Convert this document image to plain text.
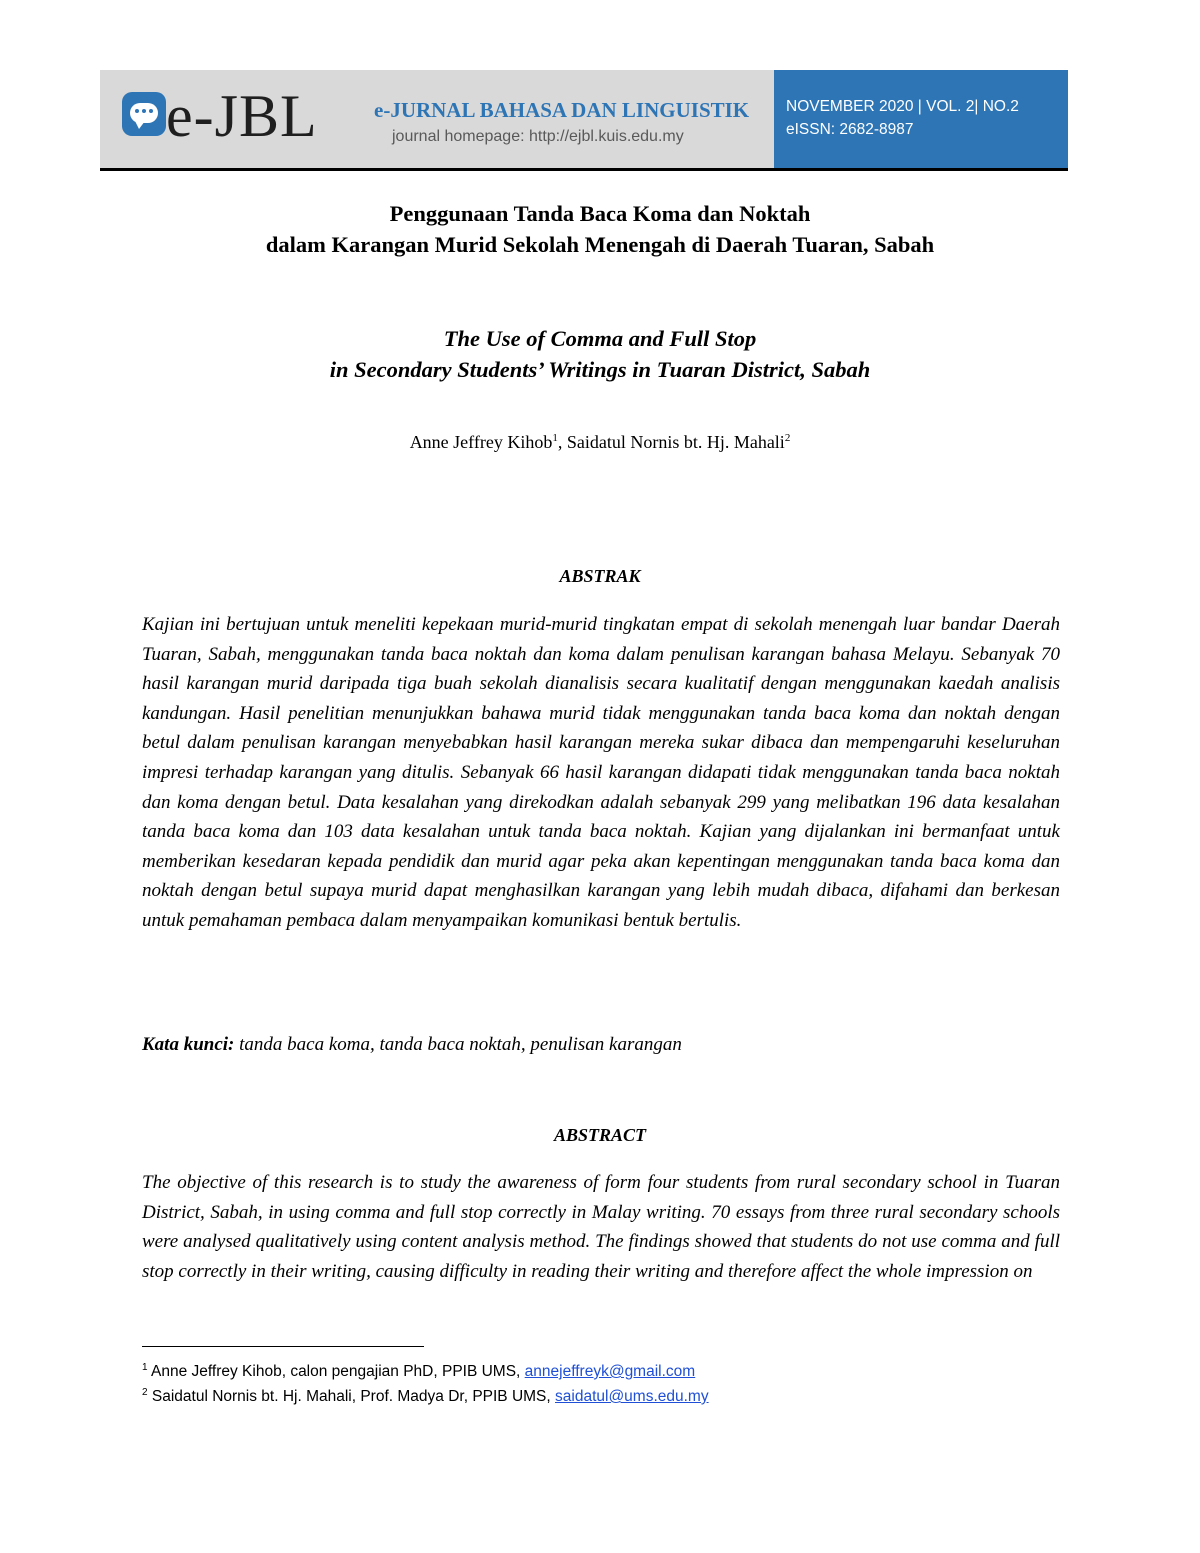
e-JBL	e-JURNAL BAHASA DAN LINGUISTIK
journal homepage: http://ejbl.kuis.edu.my
NOVEMBER 2020 | VOL. 2| NO.2
eISSN: 2682-8987
Penggunaan Tanda Baca Koma dan Noktah
dalam Karangan Murid Sekolah Menengah di Daerah Tuaran, Sabah
The Use of Comma and Full Stop
in Secondary Students’ Writings in Tuaran District, Sabah
Anne Jeffrey Kihob$^1$, Saidatul Nornis bt. Hj. Mahali$^2$
ABSTRAK
Kajian ini bertujuan untuk meneliti kepekaan murid-murid tingkatan empat di sekolah menengah luar bandar Daerah Tuaran, Sabah, menggunakan tanda baca noktah dan koma dalam penulisan karangan bahasa Melayu. Sebanyak 70 hasil karangan murid daripada tiga buah sekolah dianalisis secara kualitatif dengan menggunakan kaedah analisis kandungan. Hasil penelitian menunjukkan bahawa murid tidak menggunakan tanda baca koma dan noktah dengan betul dalam penulisan karangan menyebabkan hasil karangan mereka sukar dibaca dan mempengaruhi keseluruhan impresi terhadap karangan yang ditulis. Sebanyak 66 hasil karangan didapati tidak menggunakan tanda baca noktah dan koma dengan betul. Data kesalahan yang direkodkan adalah sebanyak 299 yang melibatkan 196 data kesalahan tanda baca koma dan 103 data kesalahan untuk tanda baca noktah. Kajian yang dijalankan ini bermanfaat untuk memberikan kesedaran kepada pendidik dan murid agar peka akan kepentingan menggunakan tanda baca koma dan noktah dengan betul supaya murid dapat menghasilkan karangan yang lebih mudah dibaca, difahami dan berkesan untuk pemahaman pembaca dalam menyampaikan komunikasi bentuk bertulis.
Kata kunci: tanda baca koma, tanda baca noktah, penulisan karangan
ABSTRACT
The objective of this research is to study the awareness of form four students from rural secondary school in Tuaran District, Sabah, in using comma and full stop correctly in Malay writing. 70 essays from three rural secondary schools were analysed qualitatively using content analysis method. The findings showed that students do not use comma and full stop correctly in their writing, causing difficulty in reading their writing and therefore affect the whole impression on
$^1$ Anne Jeffrey Kihob, calon pengajian PhD, PPIB UMS, annejeffreyk@gmail.com
$^2$ Saidatul Nornis bt. Hj. Mahali, Prof. Madya Dr, PPIB UMS, saidatul@ums.edu.my
